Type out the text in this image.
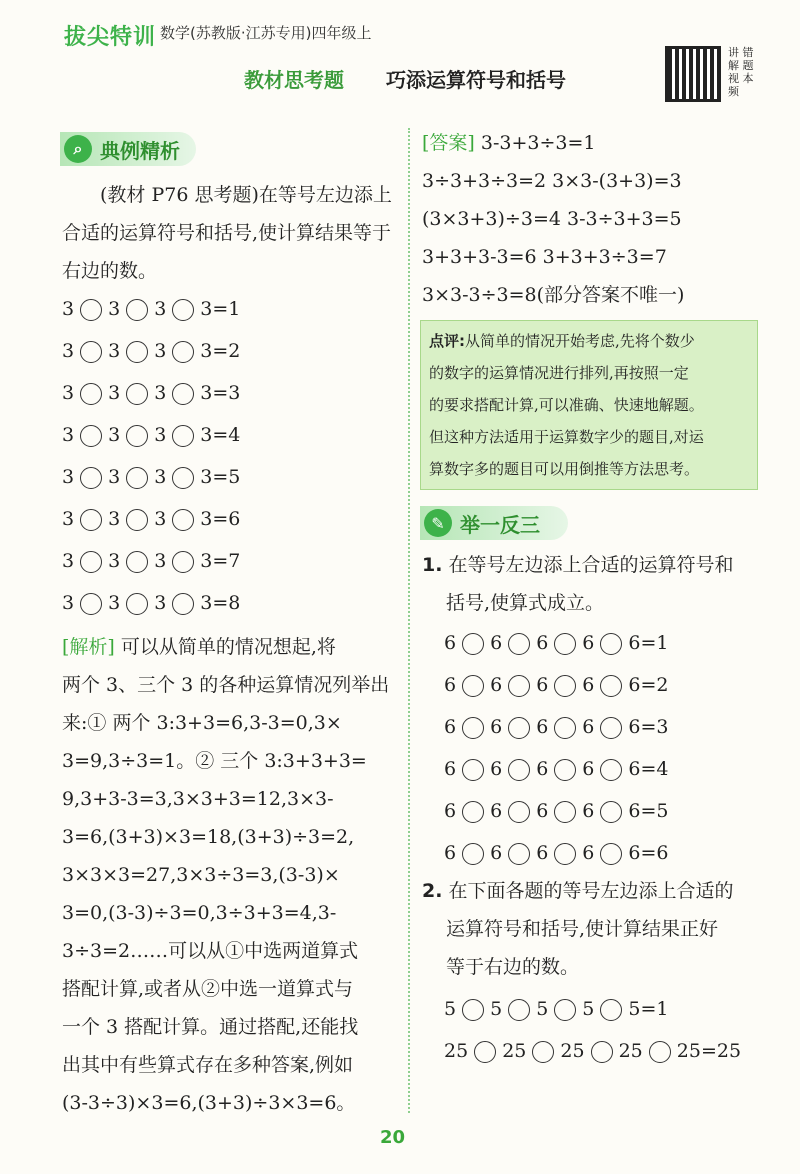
拔尖特训 数学(苏教版·江苏专用)四年级上
教材思考题 巧添运算符号和括号
讲解视频 错题本
⌕ 典例精析
(教材 P76 思考题)在等号左边添上合适的运算符号和括号,使计算结果等于右边的数。
3 3 3 3=1
3 3 3 3=2
3 3 3 3=3
3 3 3 3=4
3 3 3 3=5
3 3 3 3=6
3 3 3 3=7
3 3 3 3=8
[解析] 可以从简单的情况想起,将
两个 3、三个 3 的各种运算情况列举出
来:① 两个 3:3+3=6,3-3=0,3×
3=9,3÷3=1。② 三个 3:3+3+3=
9,3+3-3=3,3×3+3=12,3×3-
3=6,(3+3)×3=18,(3+3)÷3=2,
3×3×3=27,3×3÷3=3,(3-3)×
3=0,(3-3)÷3=0,3÷3+3=4,3-
3÷3=2……可以从①中选两道算式
搭配计算,或者从②中选一道算式与
一个 3 搭配计算。通过搭配,还能找
出其中有些算式存在多种答案,例如
(3-3÷3)×3=6,(3+3)÷3×3=6。
[答案] 3-3+3÷3=1
3÷3+3÷3=2 3×3-(3+3)=3
(3×3+3)÷3=4 3-3÷3+3=5
3+3+3-3=6 3+3+3÷3=7
3×3-3÷3=8(部分答案不唯一)
点评:从简单的情况开始考虑,先将个数少
的数字的运算情况进行排列,再按照一定
的要求搭配计算,可以准确、快速地解题。
但这种方法适用于运算数字少的题目,对运
算数字多的题目可以用倒推等方法思考。
✎ 举一反三
1. 在等号左边添上合适的运算符号和
括号,使算式成立。
6 6 6 6 6=1
6 6 6 6 6=2
6 6 6 6 6=3
6 6 6 6 6=4
6 6 6 6 6=5
6 6 6 6 6=6
2. 在下面各题的等号左边添上合适的
运算符号和括号,使计算结果正好
等于右边的数。
5 5 5 5 5=1
25 25 25 25 25=25
20
